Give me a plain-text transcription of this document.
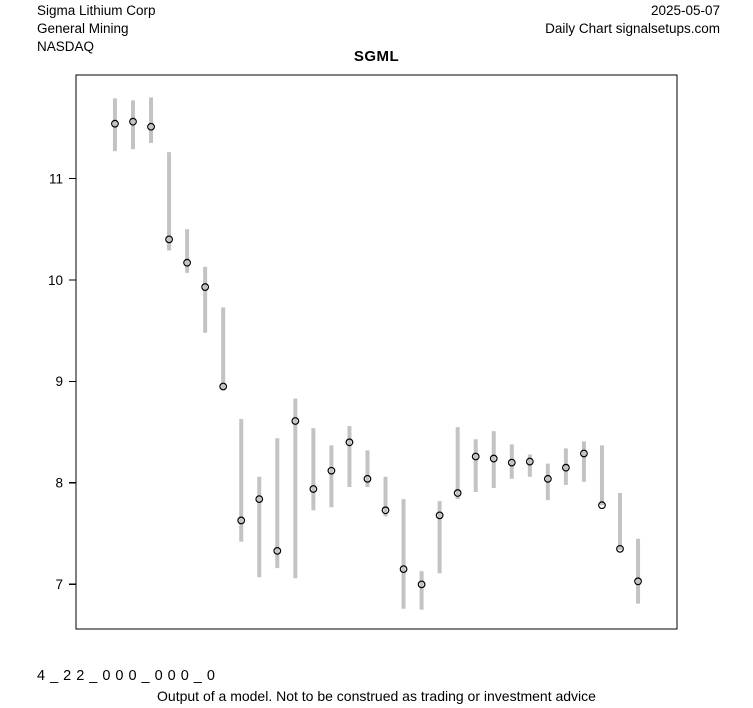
Sigma Lithium Corp
General Mining
NASDAQ
2025-05-07
Daily Chart signalsetups.com
SGML
7
8
9
10
11
4_22_000_000_0
Output of a model. Not to be construed as trading or investment advice
